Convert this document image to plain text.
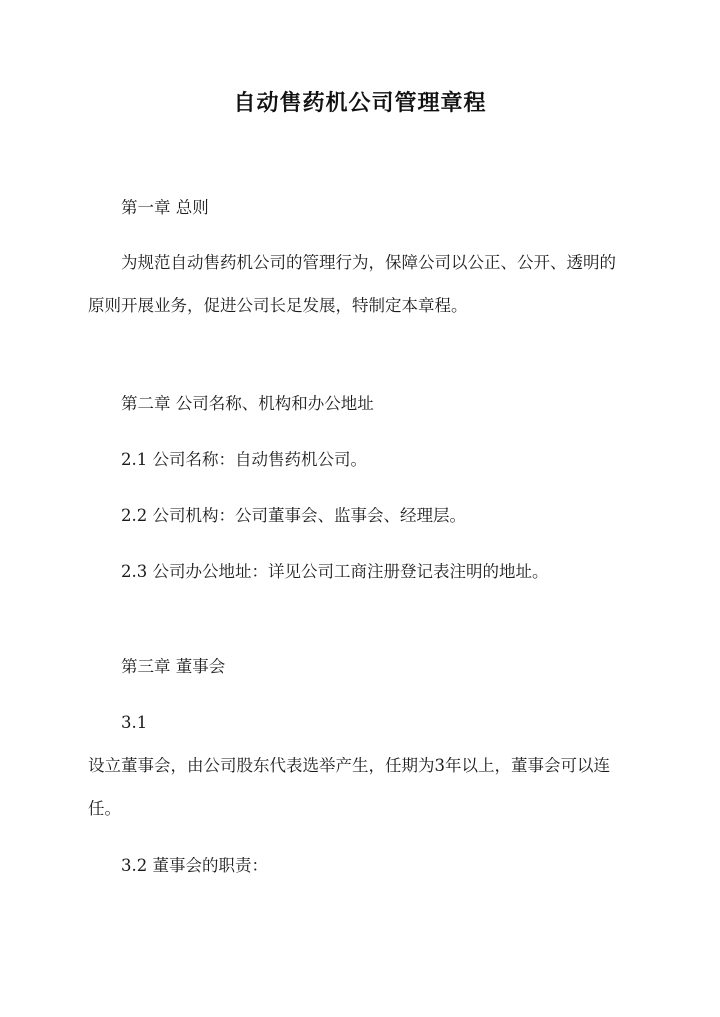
自动售药机公司管理章程
第一章 总则
为规范自动售药机公司的管理行为，保障公司以公正、公开、透明的
原则开展业务，促进公司长足发展，特制定本章程。
第二章 公司名称、机构和办公地址
2.1 公司名称：自动售药机公司。
2.2 公司机构：公司董事会、监事会、经理层。
2.3 公司办公地址：详见公司工商注册登记表注明的地址。
第三章 董事会
3.1
设立董事会，由公司股东代表选举产生，任期为3年以上，董事会可以连
任。
3.2 董事会的职责：
